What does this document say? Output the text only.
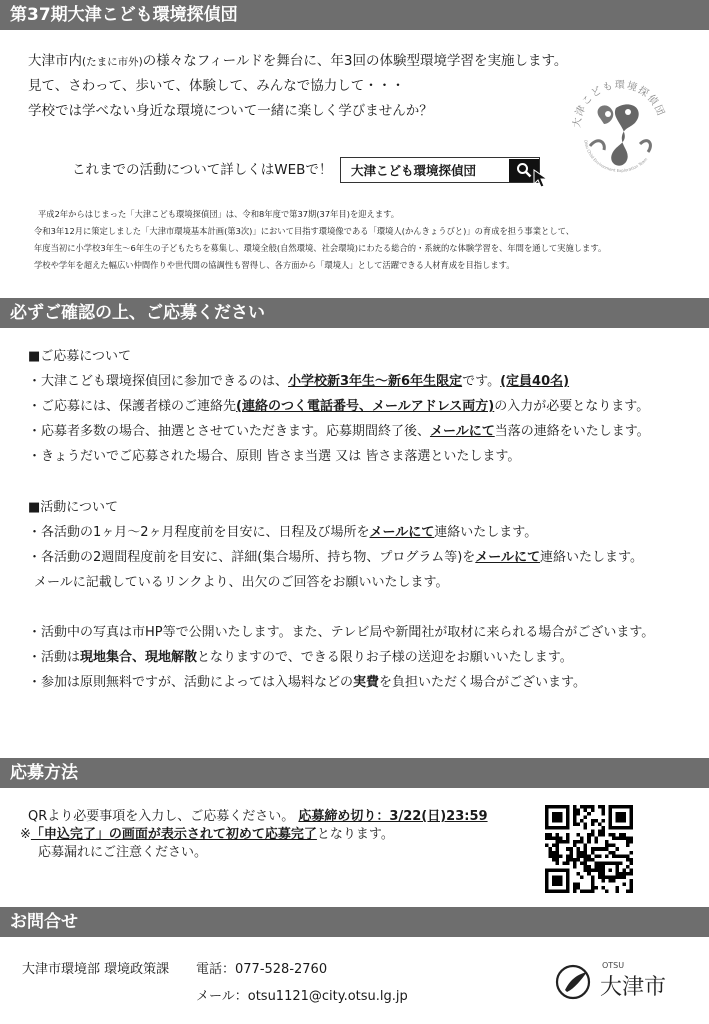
第37期大津こども環境探偵団
大津市内(たまに市外)の様々なフィールドを舞台に、年3回の体験型環境学習を実施します。
見て、さわって、歩いて、体験して、みんなで協力して・・・
学校では学べない身近な環境について一緒に楽しく学びませんか？
大津こども環境探偵団
Otsu Child Environment Exploration Team
これまでの活動について詳しくはWEBで！	大津こども環境探偵団
平成2年からはじまった「大津こども環境探偵団」は、令和8年度で第37期(37年目)を迎えます。
令和3年12月に策定しました「大津市環境基本計画(第3次)」において目指す環境像である「環境人(かんきょうびと)」の育成を担う事業として、
年度当初に小学校3年生～6年生の子どもたちを募集し、環境全般(自然環境、社会環境)にわたる総合的・系統的な体験学習を、年間を通して実施します。
学校や学年を超えた幅広い仲間作りや世代間の協調性も習得し、各方面から「環境人」として活躍できる人材育成を目指します。
必ずご確認の上、ご応募ください
■ご応募について
・大津こども環境探偵団に参加できるのは、小学校新3年生～新6年生限定です。(定員40名)
・ご応募には、保護者様のご連絡先(連絡のつく電話番号、メールアドレス両方)の入力が必要となります。
・応募者多数の場合、抽選とさせていただきます。応募期間終了後、メールにて当落の連絡をいたします。
・きょうだいでご応募された場合、原則 皆さま当選 又は 皆さま落選といたします。
■活動について
・各活動の1ヶ月～2ヶ月程度前を目安に、日程及び場所をメールにて連絡いたします。
・各活動の2週間程度前を目安に、詳細(集合場所、持ち物、プログラム等)をメールにて連絡いたします。
メールに記載しているリンクより、出欠のご回答をお願いいたします。
・活動中の写真は市HP等で公開いたします。また、テレビ局や新聞社が取材に来られる場合がございます。
・活動は現地集合、現地解散となりますので、できる限りお子様の送迎をお願いいたします。
・参加は原則無料ですが、活動によっては入場料などの実費を負担いただく場合がございます。
応募方法
QRより必要事項を入力し、ご応募ください。 応募締め切り：3/22(日)23:59
※「申込完了」の画面が表示されて初めて応募完了となります。
応募漏れにご注意ください。
お問合せ
大津市環境部 環境政策課 電話：077-528-2760
メール：otsu1121@city.otsu.lg.jp
OTSU
大津市
